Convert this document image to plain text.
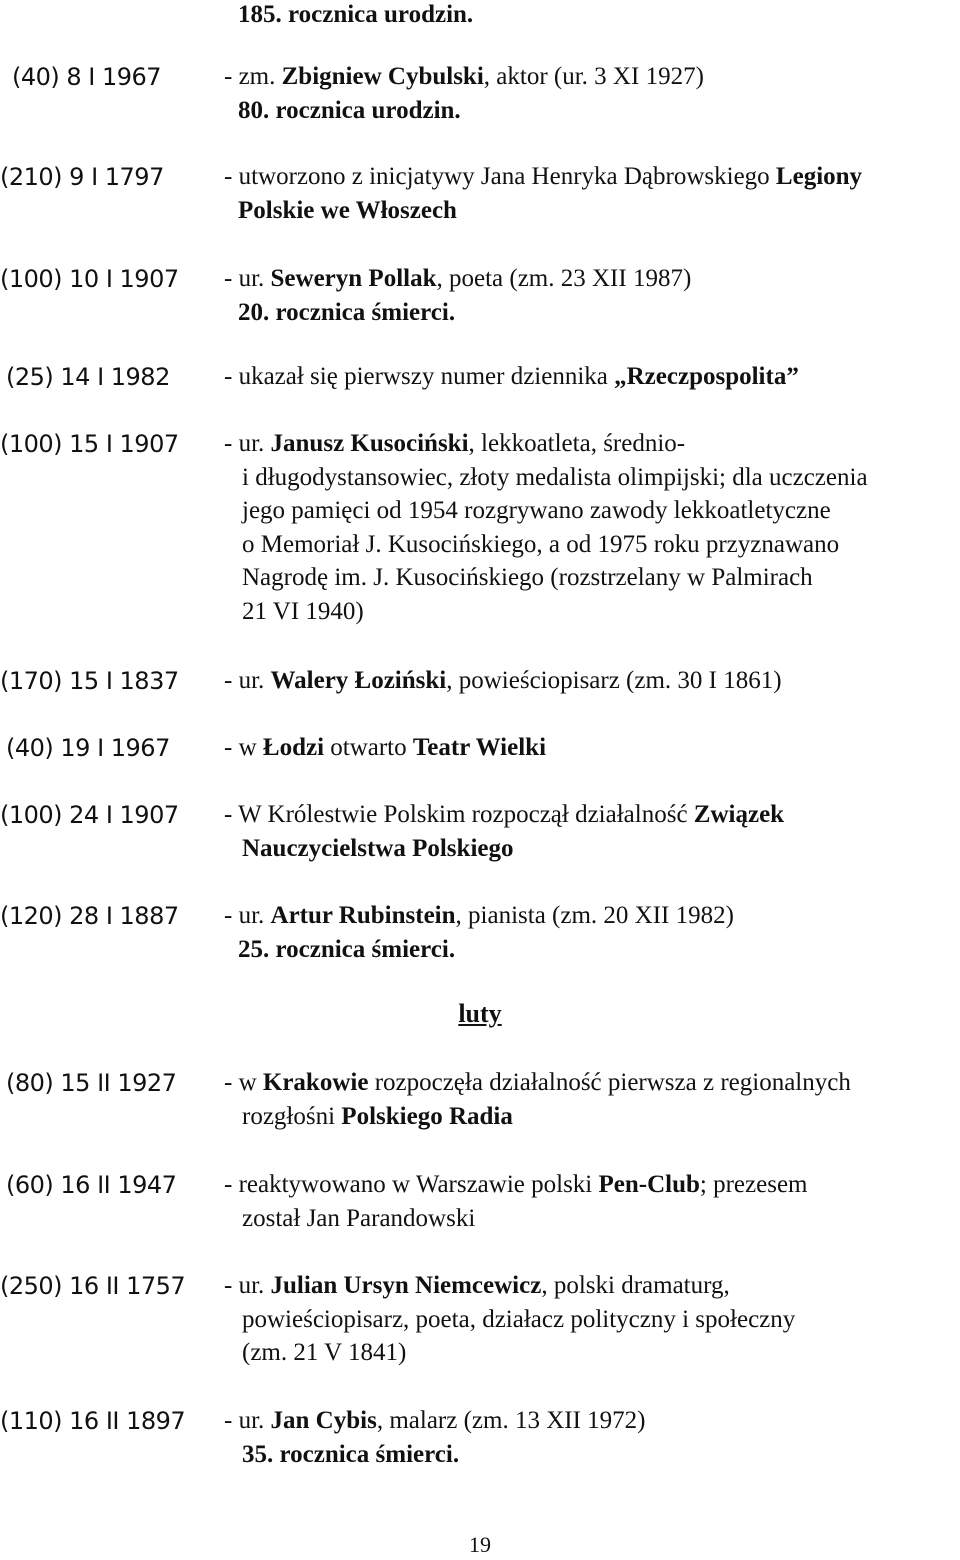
luty
19
185. rocznica urodzin.
(40) 8 I 1967	- zm. Zbigniew Cybulski, aktor (ur. 3 XI 1927)
80. rocznica urodzin.
(210) 9 I 1797 - utworzono z inicjatywy Jana Henryka Dąbrowskiego Legiony
Polskie we Włoszech
(100) 10 I 1907 - ur. Seweryn Pollak, poeta (zm. 23 XII 1987)
20. rocznica śmierci.
(25) 14 I 1982 - ukazał się pierwszy numer dziennika „Rzeczpospolita”
(100) 15 I 1907 - ur. Janusz Kusociński, lekkoatleta, średnio-
i długodystansowiec, złoty medalista olimpijski; dla uczczenia
jego pamięci od 1954 rozgrywano zawody lekkoatletyczne
o Memoriał J. Kusocińskiego, a od 1975 roku przyznawano
Nagrodę im. J. Kusocińskiego (rozstrzelany w Palmirach
21 VI 1940)
(170) 15 I 1837 - ur. Walery Łoziński, powieściopisarz (zm. 30 I 1861)
(40) 19 I 1967 - w Łodzi otwarto Teatr Wielki
(100) 24 I 1907 - W Królestwie Polskim rozpoczął działalność Związek
Nauczycielstwa Polskiego
(120) 28 I 1887 - ur. Artur Rubinstein, pianista (zm. 20 XII 1982)
25. rocznica śmierci.
(80) 15 II 1927 - w Krakowie rozpoczęła działalność pierwsza z regionalnych
rozgłośni Polskiego Radia
(60) 16 II 1947 - reaktywowano w Warszawie polski Pen-Club; prezesem
został Jan Parandowski
(250) 16 II 1757 - ur. Julian Ursyn Niemcewicz, polski dramaturg,
powieściopisarz, poeta, działacz polityczny i społeczny
(zm. 21 V 1841)
(110) 16 II 1897 - ur. Jan Cybis, malarz (zm. 13 XII 1972)
35. rocznica śmierci.
